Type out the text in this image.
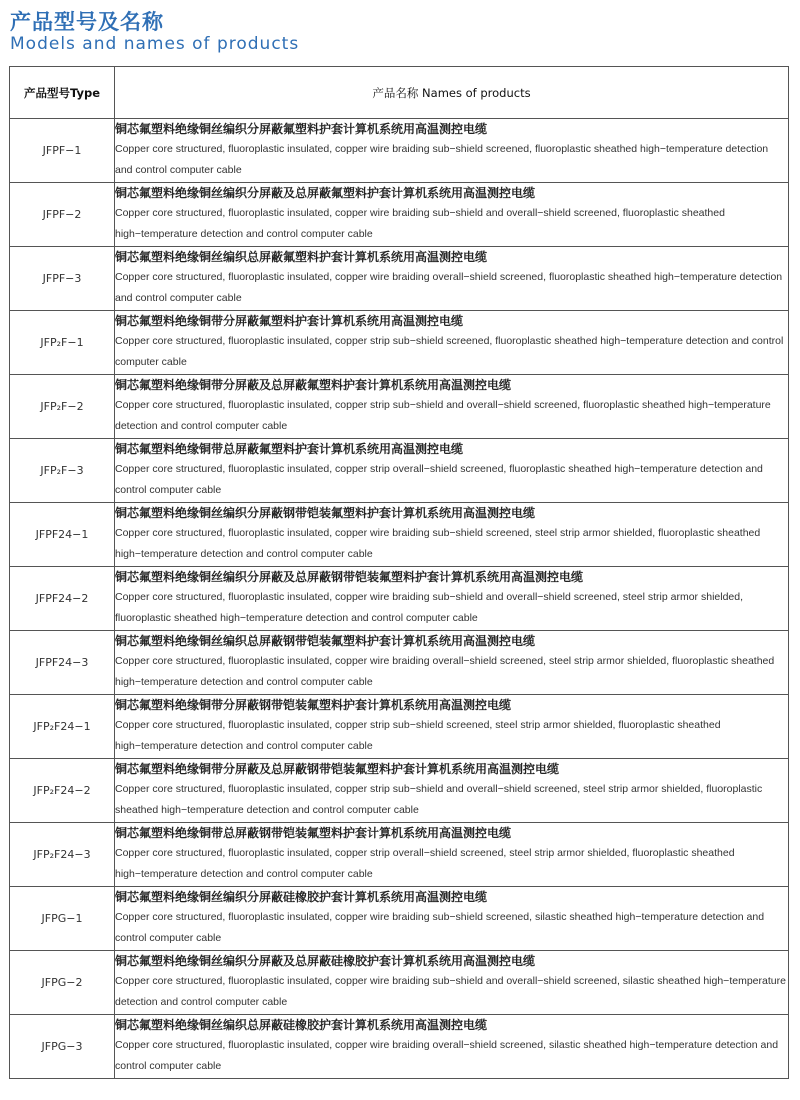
产品型号及名称
Models and names of products
产品型号Type	产品名称 Names of products
JFPF−1	铜芯氟塑料绝缘铜丝编织分屏蔽氟塑料护套计算机系统用高温测控电缆
Copper core structured, fluoroplastic insulated, copper wire braiding sub−shield screened, fluoroplastic sheathed high−temperature detection and control computer cable

JFPF−2	铜芯氟塑料绝缘铜丝编织分屏蔽及总屏蔽氟塑料护套计算机系统用高温测控电缆
Copper core structured, fluoroplastic insulated, copper wire braiding sub−shield and overall−shield screened, fluoroplastic sheathed high−temperature detection and control computer cable

JFPF−3	铜芯氟塑料绝缘铜丝编织总屏蔽氟塑料护套计算机系统用高温测控电缆
Copper core structured, fluoroplastic insulated, copper wire braiding overall−shield screened, fluoroplastic sheathed high−temperature detection and control computer cable

JFP₂F−1	铜芯氟塑料绝缘铜带分屏蔽氟塑料护套计算机系统用高温测控电缆
Copper core structured, fluoroplastic insulated, copper strip sub−shield screened, fluoroplastic sheathed high−temperature detection and control computer cable

JFP₂F−2	铜芯氟塑料绝缘铜带分屏蔽及总屏蔽氟塑料护套计算机系统用高温测控电缆
Copper core structured, fluoroplastic insulated, copper strip sub−shield and overall−shield screened, fluoroplastic sheathed high−temperature detection and control computer cable

JFP₂F−3	铜芯氟塑料绝缘铜带总屏蔽氟塑料护套计算机系统用高温测控电缆
Copper core structured, fluoroplastic insulated, copper strip overall−shield screened, fluoroplastic sheathed high−temperature detection and control computer cable

JFPF24−1	铜芯氟塑料绝缘铜丝编织分屏蔽钢带铠装氟塑料护套计算机系统用高温测控电缆
Copper core structured, fluoroplastic insulated, copper wire braiding sub−shield screened, steel strip armor shielded, fluoroplastic sheathed high−temperature detection and control computer cable

JFPF24−2	铜芯氟塑料绝缘铜丝编织分屏蔽及总屏蔽钢带铠装氟塑料护套计算机系统用高温测控电缆
Copper core structured, fluoroplastic insulated, copper wire braiding sub−shield and overall−shield screened, steel strip armor shielded, fluoroplastic sheathed high−temperature detection and control computer cable

JFPF24−3	铜芯氟塑料绝缘铜丝编织总屏蔽钢带铠装氟塑料护套计算机系统用高温测控电缆
Copper core structured, fluoroplastic insulated, copper wire braiding overall−shield screened, steel strip armor shielded, fluoroplastic sheathed high−temperature detection and control computer cable

JFP₂F24−1	铜芯氟塑料绝缘铜带分屏蔽钢带铠装氟塑料护套计算机系统用高温测控电缆
Copper core structured, fluoroplastic insulated, copper strip sub−shield screened, steel strip armor shielded, fluoroplastic sheathed high−temperature detection and control computer cable

JFP₂F24−2	铜芯氟塑料绝缘铜带分屏蔽及总屏蔽钢带铠装氟塑料护套计算机系统用高温测控电缆
Copper core structured, fluoroplastic insulated, copper strip sub−shield and overall−shield screened, steel strip armor shielded, fluoroplastic sheathed high−temperature detection and control computer cable

JFP₂F24−3	铜芯氟塑料绝缘铜带总屏蔽钢带铠装氟塑料护套计算机系统用高温测控电缆
Copper core structured, fluoroplastic insulated, copper strip overall−shield screened, steel strip armor shielded, fluoroplastic sheathed high−temperature detection and control computer cable

JFPG−1	铜芯氟塑料绝缘铜丝编织分屏蔽硅橡胶护套计算机系统用高温测控电缆
Copper core structured, fluoroplastic insulated, copper wire braiding sub−shield screened, silastic sheathed high−temperature detection and control computer cable

JFPG−2	铜芯氟塑料绝缘铜丝编织分屏蔽及总屏蔽硅橡胶护套计算机系统用高温测控电缆
Copper core structured, fluoroplastic insulated, copper wire braiding sub−shield and overall−shield screened, silastic sheathed high−temperature detection and control computer cable

JFPG−3	铜芯氟塑料绝缘铜丝编织总屏蔽硅橡胶护套计算机系统用高温测控电缆
Copper core structured, fluoroplastic insulated, copper wire braiding overall−shield screened, silastic sheathed high−temperature detection and control computer cable
